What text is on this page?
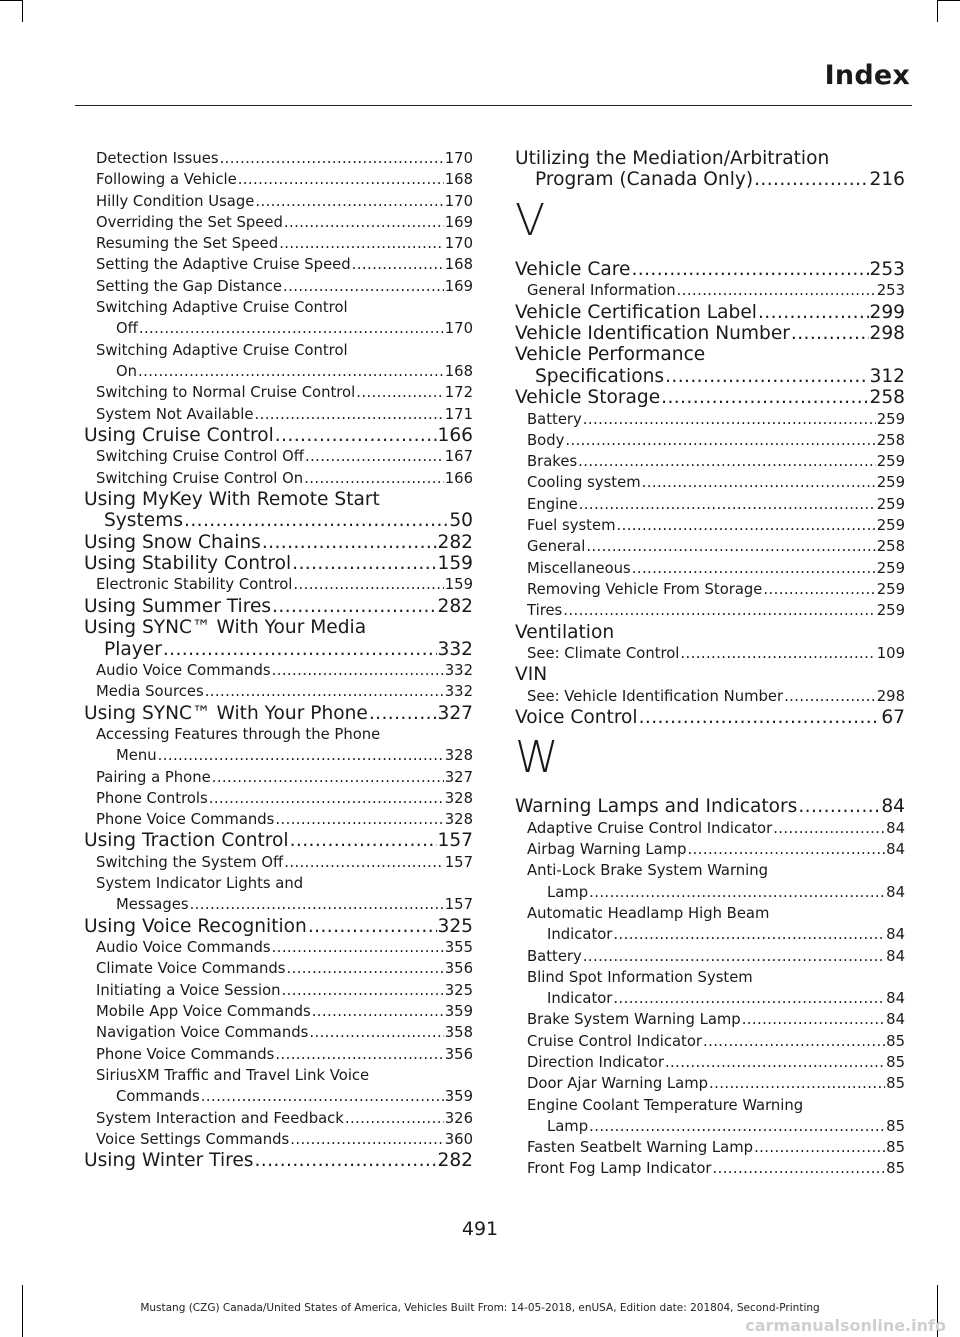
Index
Detection Issues .....	170
Following a Vehicle .....	168
Hilly Condition Usage .....	170
Overriding the Set Speed .....	169
Resuming the Set Speed .....	170
Setting the Adaptive Cruise Speed .....	168
Setting the Gap Distance .....	169
Switching Adaptive Cruise Control
Off .....	170
Switching Adaptive Cruise Control
On .....	168
Switching to Normal Cruise Control .....	172
System Not Available .....	171
Using Cruise Control .....	166
Switching Cruise Control Off .....	167
Switching Cruise Control On .....	166
Using MyKey With Remote Start
Systems .....	50
Using Snow Chains .....	282
Using Stability Control .....	159
Electronic Stability Control .....	159
Using Summer Tires .....	282
Using SYNC™ With Your Media
Player .....	332
Audio Voice Commands .....	332
Media Sources .....	332
Using SYNC™ With Your Phone .....	327
Accessing Features through the Phone
Menu .....	328
Pairing a Phone .....	327
Phone Controls .....	328
Phone Voice Commands .....	328
Using Traction Control .....	157
Switching the System Off .....	157
System Indicator Lights and
Messages .....	157
Using Voice Recognition .....	325
Audio Voice Commands .....	355
Climate Voice Commands .....	356
Initiating a Voice Session .....	325
Mobile App Voice Commands .....	359
Navigation Voice Commands .....	358
Phone Voice Commands .....	356
SiriusXM Traffic and Travel Link Voice
Commands .....	359
System Interaction and Feedback .....	326
Voice Settings Commands .....	360
Using Winter Tires .....	282
Utilizing the Mediation/Arbitration
Program (Canada Only) .....	216
V
Vehicle Care .....	253
General Information .....	253
Vehicle Certification Label .....	299
Vehicle Identification Number .....	298
Vehicle Performance
Specifications .....	312
Vehicle Storage .....	258
Battery .....	259
Body .....	258
Brakes .....	259
Cooling system .....	259
Engine .....	259
Fuel system .....	259
General .....	258
Miscellaneous .....	259
Removing Vehicle From Storage .....	259
Tires .....	259
Ventilation
See: Climate Control .....	109
VIN
See: Vehicle Identification Number .....	298
Voice Control .....	67
W
Warning Lamps and Indicators .....	84
Adaptive Cruise Control Indicator .....	84
Airbag Warning Lamp .....	84
Anti-Lock Brake System Warning
Lamp .....	84
Automatic Headlamp High Beam
Indicator .....	84
Battery .....	84
Blind Spot Information System
Indicator .....	84
Brake System Warning Lamp .....	84
Cruise Control Indicator .....	85
Direction Indicator .....	85
Door Ajar Warning Lamp .....	85
Engine Coolant Temperature Warning
Lamp .....	85
Fasten Seatbelt Warning Lamp .....	85
Front Fog Lamp Indicator .....	85
491
Mustang (CZG) Canada/United States of America, Vehicles Built From: 14-05-2018, enUSA, Edition date: 201804, Second-Printing
carmanualsonline.info
